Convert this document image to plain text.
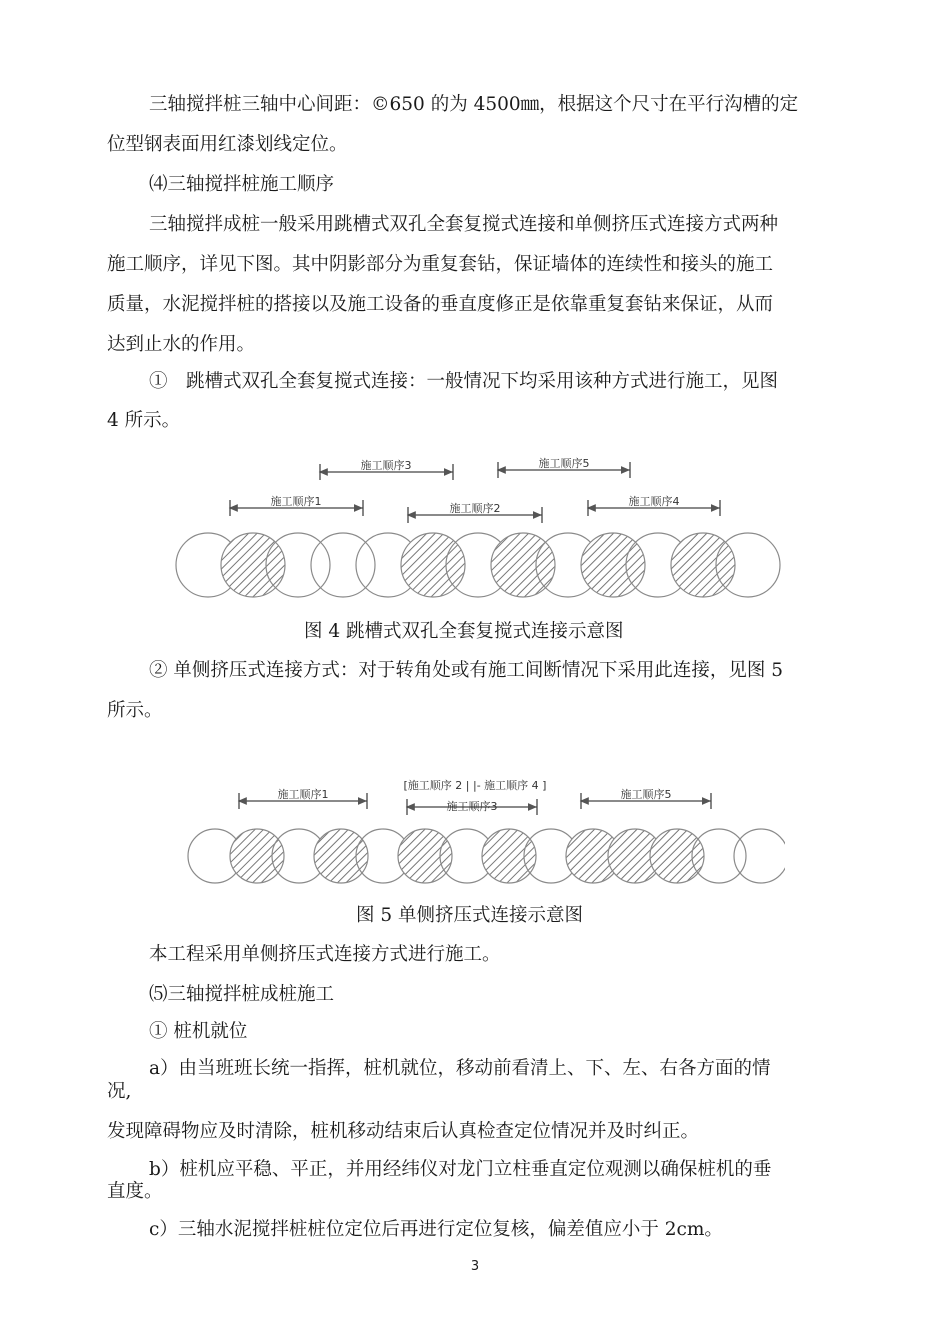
三轴搅拌桩三轴中心间距：©650 的为 4500㎜，根据这个尺寸在平行沟槽的定

位型钢表面用红漆划线定位。

⑷三轴搅拌桩施工顺序

三轴搅拌成桩一般采用跳槽式双孔全套复搅式连接和单侧挤压式连接方式两种

施工顺序，详见下图。其中阴影部分为重复套钻，保证墙体的连续性和接头的施工

质量，水泥搅拌桩的搭接以及施工设备的垂直度修正是依靠重复套钻来保证，从而

达到止水的作用。

①　跳槽式双孔全套复搅式连接：一般情况下均采用该种方式进行施工，见图

4 所示。

施工顺序3	施工顺序5
施工顺序1
施工顺序2
施工顺序4
图 4 跳槽式双孔全套复搅式连接示意图

② 单侧挤压式连接方式：对于转角处或有施工间断情况下采用此连接，见图 5

所示。

[施工顺序 2 | |- 施工顺序 4 ]
施工顺序1
施工顺序3
施工顺序5
图 5 单侧挤压式连接示意图

本工程采用单侧挤压式连接方式进行施工。

⑸三轴搅拌桩成桩施工

① 桩机就位

a）由当班班长统一指挥，桩机就位，移动前看清上、下、左、右各方面的情

况,

发现障碍物应及时清除，桩机移动结束后认真检查定位情况并及时纠正。

b）桩机应平稳、平正，并用经纬仪对龙门立柱垂直定位观测以确保桩机的垂

直度。

c）三轴水泥搅拌桩桩位定位后再进行定位复核，偏差值应小于 2cm。

3
